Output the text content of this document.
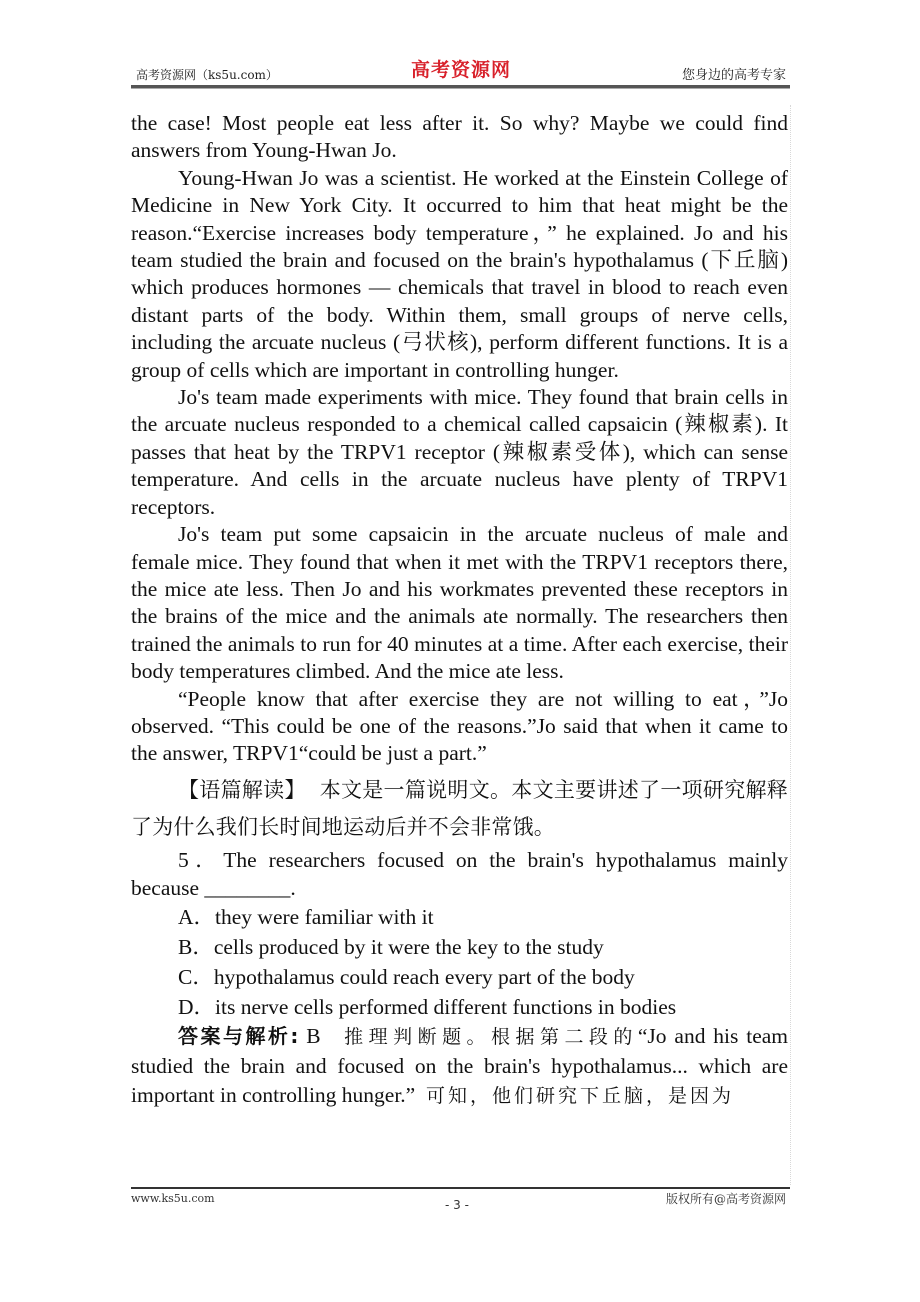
高考资源网（ks5u.com）	高考资源网	您身边的高考专家

the case! Most people eat less after it. So why? Maybe we could find answers from Young-Hwan Jo.

Young-Hwan Jo was a scientist. He worked at the Einstein College of Medicine in New York City. It occurred to him that heat might be the reason.“Exercise increases body temperature，” he explained. Jo and his team studied the brain and focused on the brain's hypothalamus (下丘脑) which produces hormones — chemicals that travel in blood to reach even distant parts of the body. Within them, small groups of nerve cells, including the arcuate nucleus (弓状核), perform different functions. It is a group of cells which are important in controlling hunger.

Jo's team made experiments with mice. They found that brain cells in the arcuate nucleus responded to a chemical called capsaicin (辣椒素). It passes that heat by the TRPV1 receptor (辣椒素受体), which can sense temperature. And cells in the arcuate nucleus have plenty of TRPV1 receptors.

Jo's team put some capsaicin in the arcuate nucleus of male and female mice. They found that when it met with the TRPV1 receptors there, the mice ate less. Then Jo and his workmates prevented these receptors in the brains of the mice and the animals ate normally. The researchers then trained the animals to run for 40 minutes at a time. After each exercise, their body temperatures climbed. And the mice ate less.

“People know that after exercise they are not willing to eat，”Jo observed. “This could be one of the reasons.”Jo said that when it came to the answer, TRPV1“could be just a part.”

【语篇解读】 本文是一篇说明文。本文主要讲述了一项研究解释了为什么我们长时间地运动后并不会非常饿。

5．The researchers focused on the brain's hypothalamus mainly because ________.

A．they were familiar with it

B．cells produced by it were the key to the study

C．hypothalamus could reach every part of the body

D．its nerve cells performed different functions in bodies

答案与解析: B 推理判断题。根据第二段的“Jo and his team studied the brain and focused on the brain's hypothalamus... which are important in controlling hunger.” 可知，他们研究下丘脑，是因为

www.ks5u.com	- 3 -	版权所有@高考资源网
